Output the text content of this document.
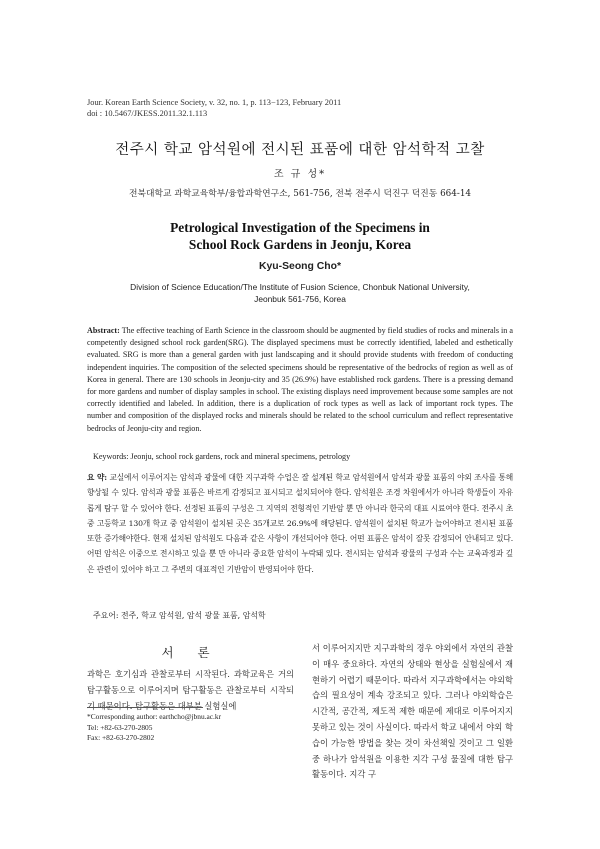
Jour. Korean Earth Science Society, v. 32, no. 1, p. 113−123, February 2011
doi : 10.5467/JKESS.2011.32.1.113
전주시 학교 암석원에 전시된 표품에 대한 암석학적 고찰
조 규 성*
전북대학교 과학교육학부/융합과학연구소, 561-756, 전북 전주시 덕진구 덕진동 664-14
Petrological Investigation of the Specimens in
School Rock Gardens in Jeonju, Korea
Kyu-Seong Cho*
Division of Science Education/The Institute of Fusion Science, Chonbuk National University,
Jeonbuk 561-756, Korea
Abstract: The effective teaching of Earth Science in the classroom should be augmented by field studies of rocks and minerals in a competently designed school rock garden(SRG). The displayed specimens must be correctly identified, labeled and esthetically evaluated. SRG is more than a general garden with just landscaping and it should provide students with freedom of conducting independent inquiries. The composition of the selected specimens should be representative of the bedrocks of region as well as of Korea in general. There are 130 schools in Jeonju-city and 35 (26.9%) have established rock gardens. There is a pressing demand for more gardens and number of display samples in school. The existing displays need improvement because some samples are not correctly identified and labeled. In addition, there is a duplication of rock types as well as lack of important rock types. The number and composition of the displayed rocks and minerals should be related to the school curriculum and reflect representative bedrocks of Jeonju-city and region.
Keywords: Jeonju, school rock gardens, rock and mineral specimens, petrology
요 약: 교실에서 이루어지는 암석과 광물에 대한 지구과학 수업은 잘 설계된 학교 암석원에서 암석과 광물 표품의 야외 조사를 통해 향상될 수 있다. 암석과 광물 표품은 바르게 감정되고 표시되고 설치되어야 한다. 암석원은 조경 차원에서가 아니라 학생들이 자유롭게 탐구 할 수 있어야 한다. 선정된 표품의 구성은 그 지역의 전형적인 기반암 뿐 만 아니라 한국의 대표 시료여야 한다. 전주시 초 중 고등학교 130개 학교 중 암석원이 설치된 곳은 35개교로 26.9%에 해당된다. 암석원이 설치된 학교가 늘어야하고 전시된 표품 또한 증가해야한다. 현재 설치된 암석원도 다음과 같은 사항이 개선되어야 한다. 어떤 표품은 암석이 잘못 감정되어 안내되고 있다. 어떤 암석은 이중으로 전시하고 있을 뿐 만 아니라 중요한 암석이 누락돼 있다. 전시되는 암석과 광물의 구성과 수는 교육과정과 깊은 관련이 있어야 하고 그 주변의 대표적인 기반암이 반영되어야 한다.
주요어: 전주, 학교 암석원, 암석 광물 표품, 암석학
서 론
과학은 호기심과 관찰로부터 시작된다. 과학교육은 거의 탐구활동으로 이루어지며 탐구활동은 관찰로부터 시작되기 때문이다. 탐구활동은 대부분 실험실에
서 이루어지지만 지구과학의 경우 야외에서 자연의 관찰이 매우 중요하다. 자연의 상태와 현상을 실험실에서 재현하기 어렵기 때문이다. 따라서 지구과학에서는 야외학습의 필요성이 계속 강조되고 있다. 그러나 야외학습은 시간적, 공간적, 제도적 제한 때문에 제대로 이루어지지 못하고 있는 것이 사실이다. 따라서 학교 내에서 야외 학습이 가능한 방법을 찾는 것이 차선책일 것이고 그 일환중 하나가 암석원을 이용한 지각 구성 물질에 대한 탐구활동이다. 지각 구
*Corresponding author: earthcho@jbnu.ac.kr
Tel: +82-63-270-2805
Fax: +82-63-270-2802
